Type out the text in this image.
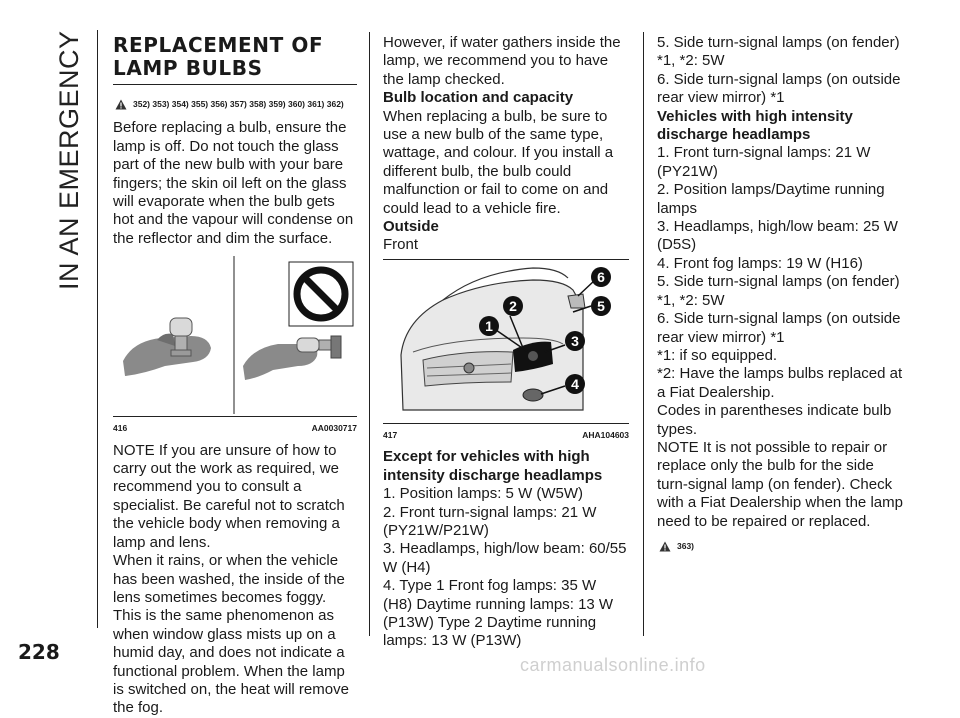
IN AN EMERGENCY	REPLACEMENT OF
LAMP BULBS
352) 353) 354) 355) 356) 357) 358) 359) 360) 361) 362)

Before replacing a bulb, ensure the lamp is off. Do not touch the glass part of the new bulb with your bare fingers; the skin oil left on the glass will evaporate when the bulb gets hot and the vapour will condense on the reflector and dim the surface.

416	AA0030717

NOTE If you are unsure of how to carry out the work as required, we recommend you to consult a specialist. Be careful not to scratch the vehicle body when removing a lamp and lens.

When it rains, or when the vehicle has been washed, the inside of the lens sometimes becomes foggy.

This is the same phenomenon as when window glass mists up on a humid day, and does not indicate a functional problem. When the lamp is switched on, the heat will remove the fog.

However, if water gathers inside the lamp, we recommend you to have the lamp checked.

Bulb location and capacity

When replacing a bulb, be sure to use a new bulb of the same type, wattage, and colour. If you install a different bulb, the bulb could malfunction or fail to come on and could lead to a vehicle fire.

Outside

Front

1
2
3
4
5
6
417	AHA104603

Except for vehicles with high intensity discharge headlamps

1. Position lamps: 5 W (W5W)

2. Front turn-signal lamps: 21 W (PY21W/P21W)

3. Headlamps, high/low beam: 60/55 W (H4)

4. Type 1 Front fog lamps: 35 W (H8) Daytime running lamps: 13 W (P13W) Type 2 Daytime running lamps: 13 W (P13W)

5. Side turn-signal lamps (on fender) *1, *2: 5W

6. Side turn-signal lamps (on outside rear view mirror) *1

Vehicles with high intensity discharge headlamps

1. Front turn-signal lamps: 21 W (PY21W)

2. Position lamps/Daytime running lamps

3. Headlamps, high/low beam: 25 W (D5S)

4. Front fog lamps: 19 W (H16)

5. Side turn-signal lamps (on fender) *1, *2: 5W

6. Side turn-signal lamps (on outside rear view mirror) *1

*1: if so equipped.

*2: Have the lamps bulbs replaced at a Fiat Dealership.

Codes in parentheses indicate bulb types.

NOTE It is not possible to repair or replace only the bulb for the side turn-signal lamp (on fender). Check with a Fiat Dealership when the lamp need to be repaired or replaced.

363)
228
carmanualsonline.info
